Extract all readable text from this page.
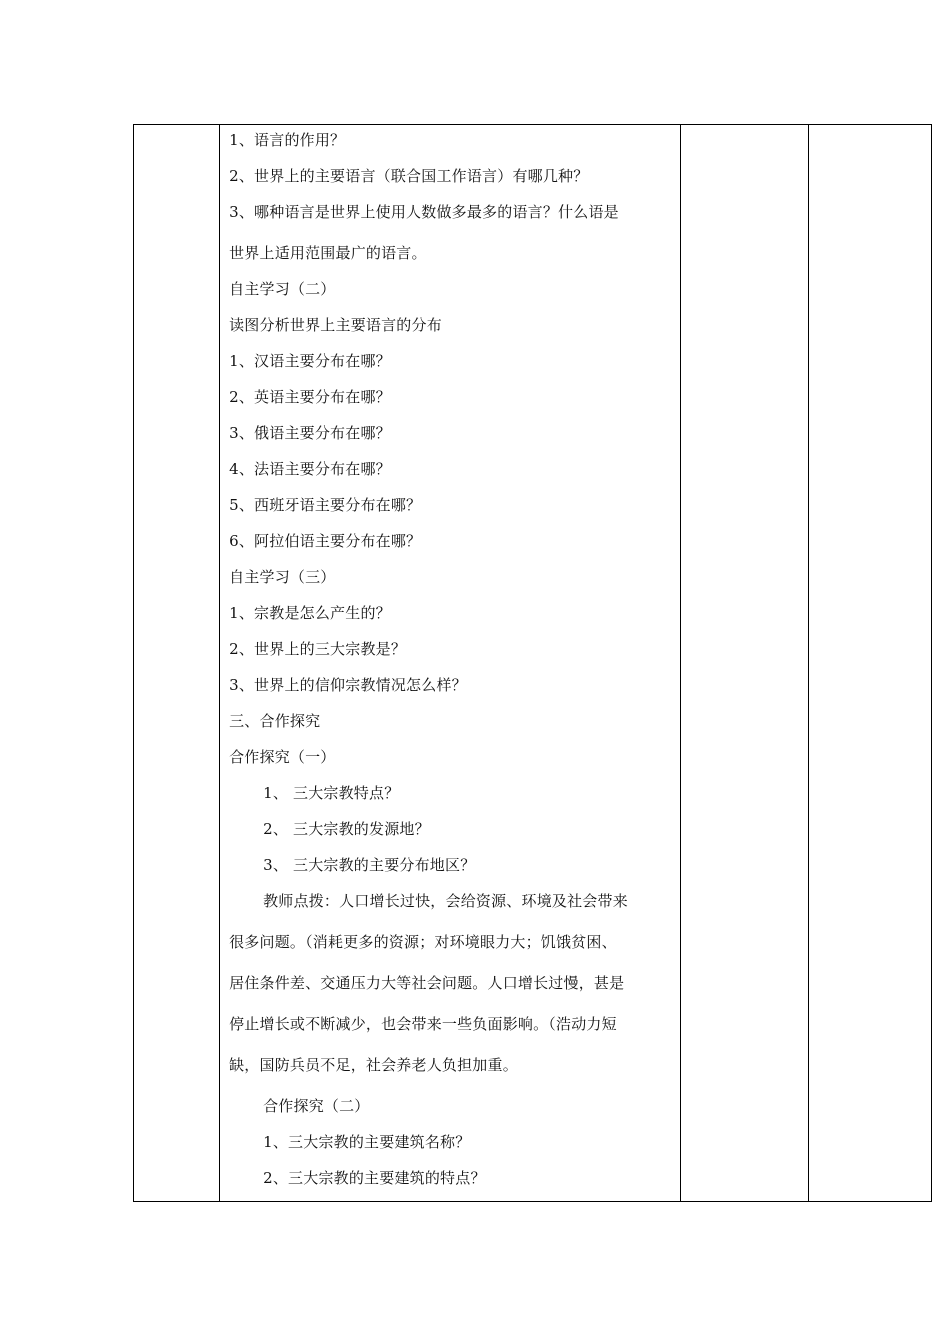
1、语言的作用？
2、世界上的主要语言（联合国工作语言）有哪几种？
3、哪种语言是世界上使用人数做多最多的语言？什么语是
世界上适用范围最广的语言。
自主学习（二）
读图分析世界上主要语言的分布
1、汉语主要分布在哪？
2、英语主要分布在哪？
3、俄语主要分布在哪？
4、法语主要分布在哪？
5、西班牙语主要分布在哪？
6、阿拉伯语主要分布在哪？
自主学习（三）
1、宗教是怎么产生的？
2、世界上的三大宗教是？
3、世界上的信仰宗教情况怎么样？
三、合作探究
合作探究（一）
1、 三大宗教特点？
2、 三大宗教的发源地？
3、 三大宗教的主要分布地区？
教师点拨：人口增长过快，会给资源、环境及社会带来
很多问题。（消耗更多的资源；对环境眼力大；饥饿贫困、
居住条件差、交通压力大等社会问题。人口增长过慢，甚是
停止增长或不断减少，也会带来一些负面影响。（浩动力短
缺，国防兵员不足，社会养老人负担加重。
合作探究（二）
1、三大宗教的主要建筑名称？
2、三大宗教的主要建筑的特点？
